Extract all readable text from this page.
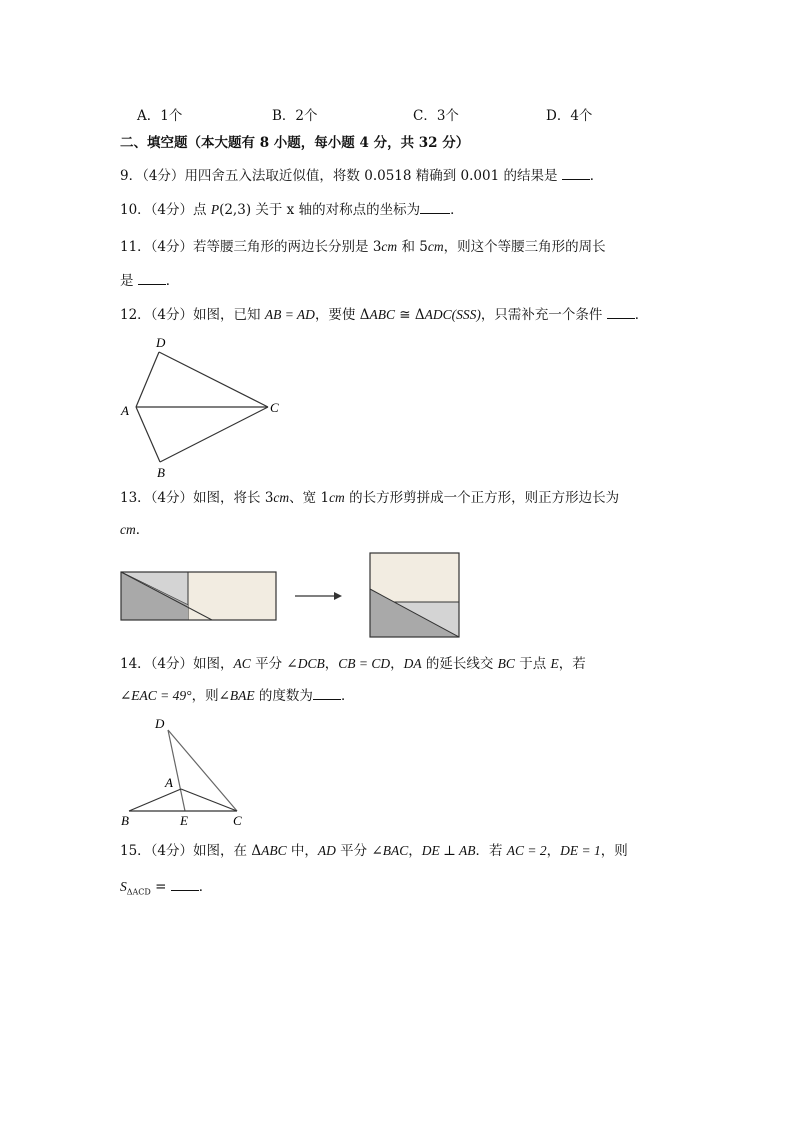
A．1个	B．2个	C．3个	D．4个
二、填空题（本大题有 8 小题，每小题 4 分，共 32 分）
9．（4分）用四舍五入法取近似值，将数 0.0518 精确到 0.001 的结果是 ．
10．（4分）点 P(2,3) 关于 x 轴的对称点的坐标为 ．
11．（4分）若等腰三角形的两边长分别是 3cm 和 5cm，则这个等腰三角形的周长
是 ．
12．（4分）如图，已知 AB = AD，要使 ΔABC ≅ ΔADC(SSS)，只需补充一个条件 ．
D
A	C
B
13．（4分）如图，将长 3cm、宽 1cm 的长方形剪拼成一个正方形，则正方形边长为
cm．
14．（4分）如图，AC 平分 ∠DCB，CB = CD，DA 的延长线交 BC 于点 E，若
∠EAC = 49°，则∠BAE 的度数为 ．
D
A
B	E	C
15．（4分）如图，在 ΔABC 中，AD 平分 ∠BAC，DE ⊥ AB．若 AC = 2，DE = 1，则
$S_{\Delta ACD}$ = ．
